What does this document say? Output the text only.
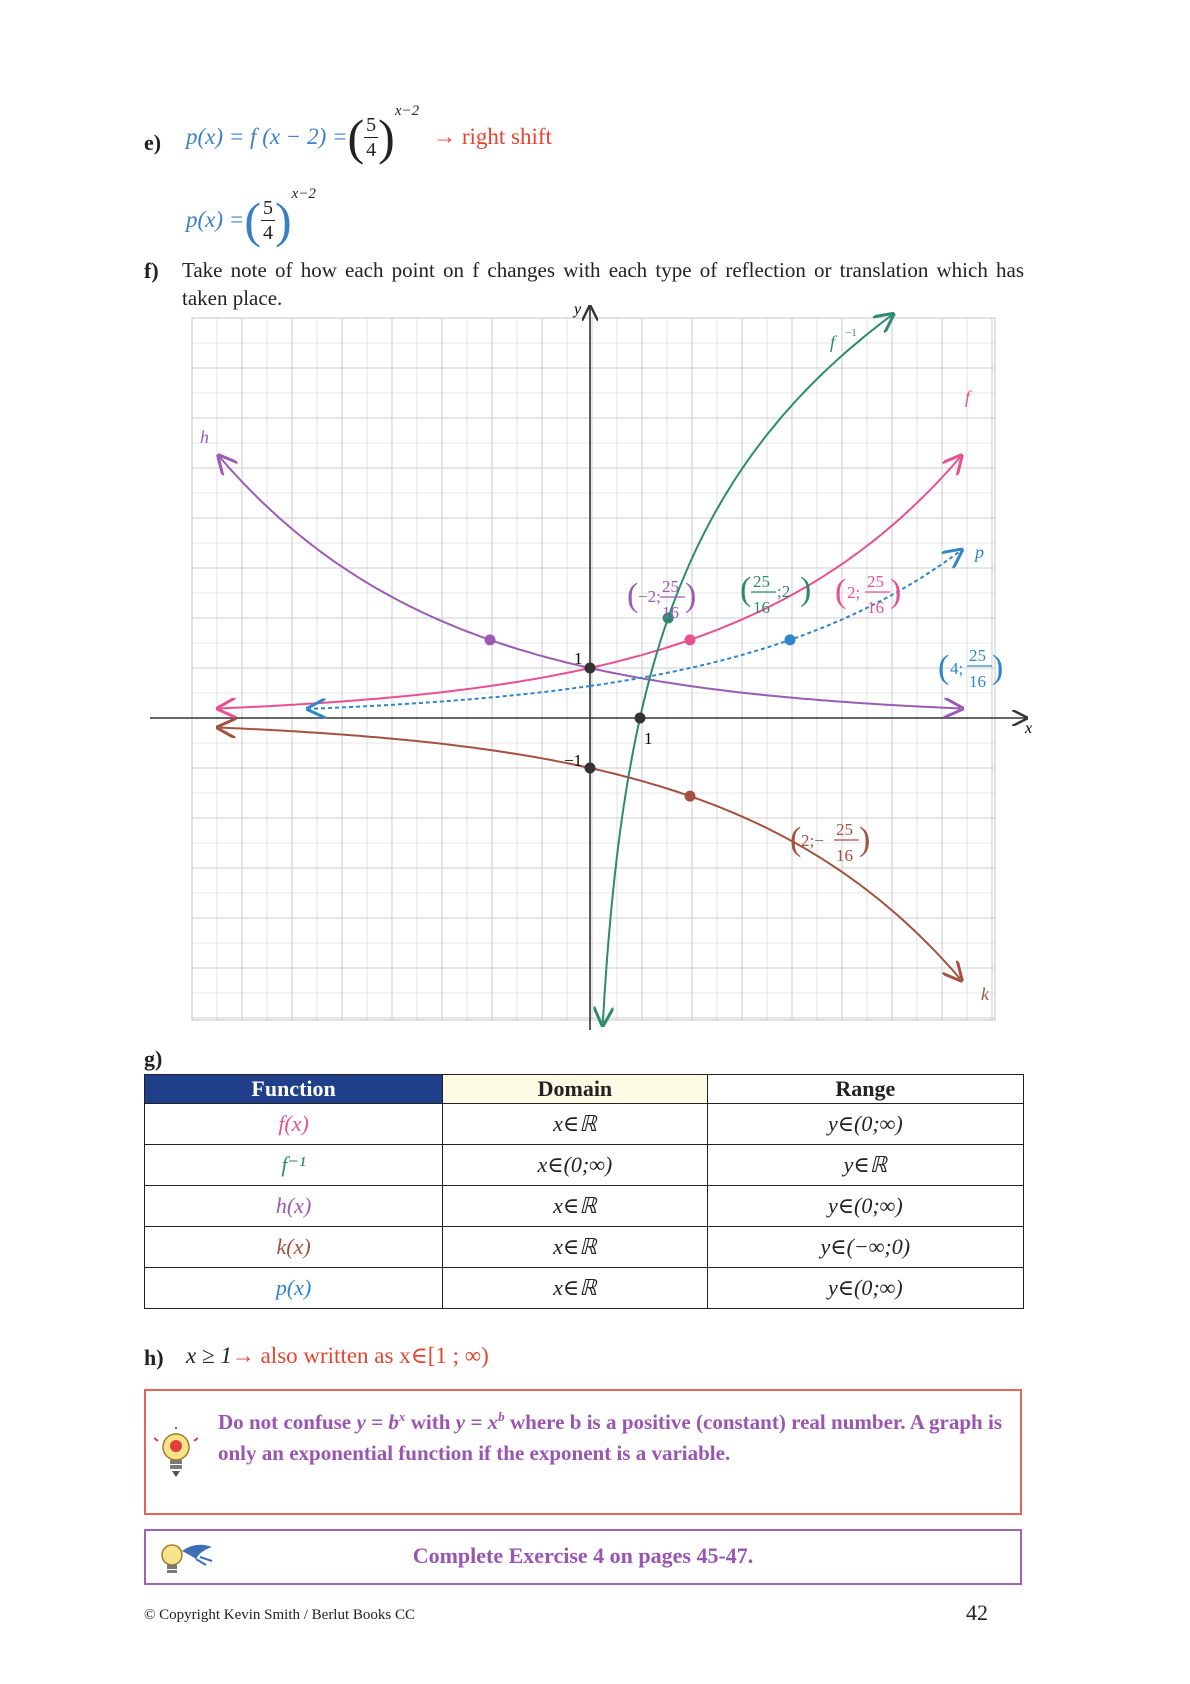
e) p(x) = f (x − 2) = ( $\frac{5}{4}$ ) x−2
→ right shift
p(x) = ( $\frac{5}{4}$ ) x−2
f) Take note of how each point on f changes with each type of reflection or translation which has taken place.
x
y
1
1
−1
f
f −1
h
p
k
( −2;
25
16 ) ( 25
16
;2 ) ( 2;
25
16 )
( 4;
25
16 )
( 2;−
25
16 )
g)
Function	Domain	Range
f(x)	x∈ℝ	y∈(0;∞)
f⁻¹	x∈(0;∞)	y∈ℝ
h(x)	x∈ℝ	y∈(0;∞)
k(x)	x∈ℝ	y∈(−∞;0)
p(x)	x∈ℝ	y∈(0;∞)
h) x ≥ 1→ also written as x∈[1 ; ∞)
Do not confuse $y = b^x$ with $y = x^b$ where b is a positive (constant) real number. A graph is only an exponential function if the exponent is a variable.
Complete Exercise 4 on pages 45-47.
© Copyright Kevin Smith / Berlut Books CC	42
